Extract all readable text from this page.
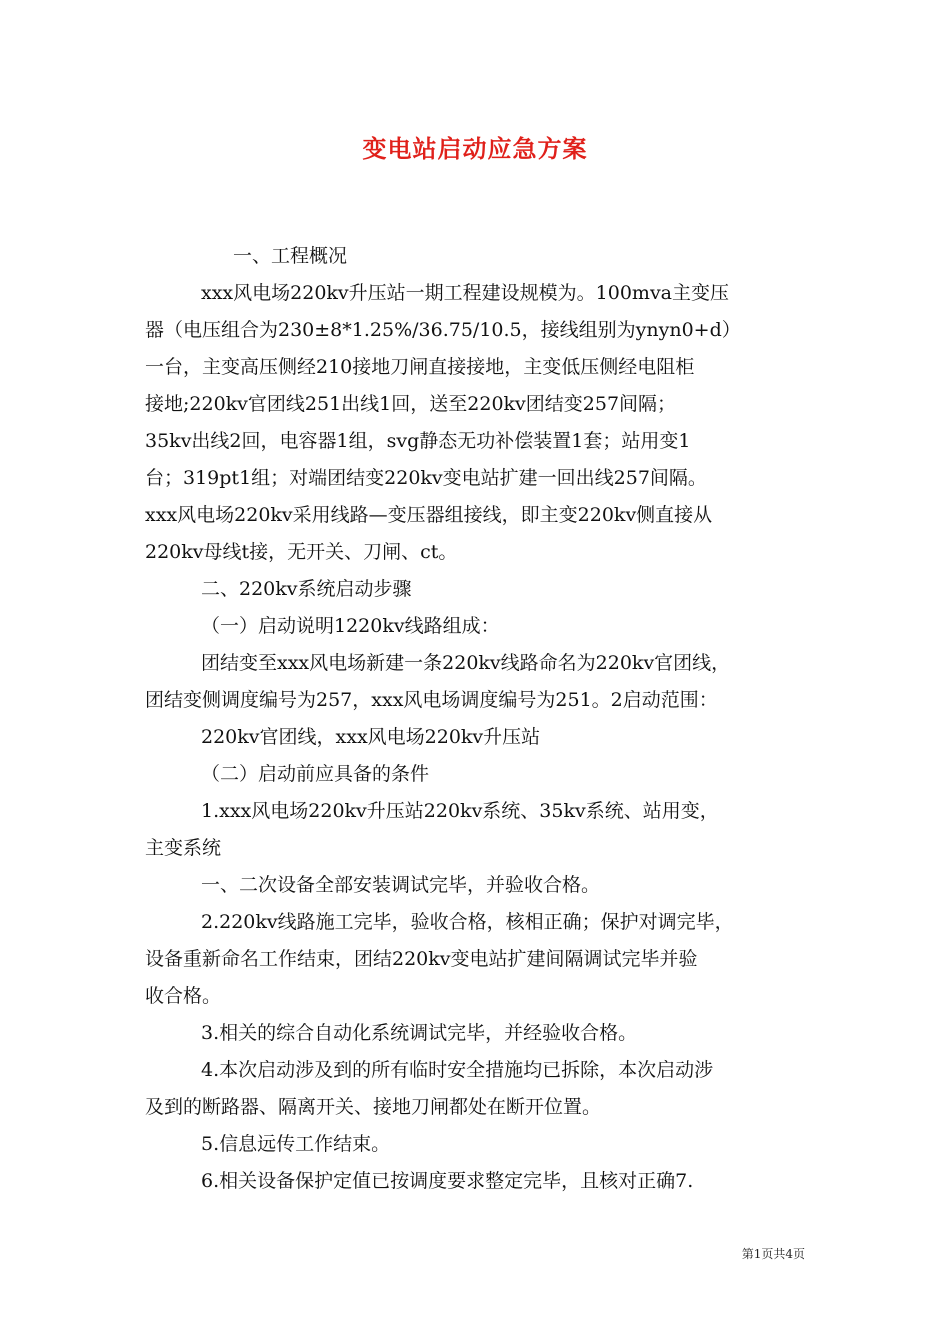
变电站启动应急方案

一、工程概况

xxx风电场220kv升压站一期工程建设规模为。100mva主变压

器（电压组合为230±8*1.25%/36.75/10.5，接线组别为ynyn0+d）

一台，主变高压侧经210接地刀闸直接接地，主变低压侧经电阻柜

接地;220kv官团线251出线1回，送至220kv团结变257间隔；

35kv出线2回，电容器1组，svg静态无功补偿装置1套；站用变1

台；319pt1组；对端团结变220kv变电站扩建一回出线257间隔。

xxx风电场220kv采用线路—变压器组接线，即主变220kv侧直接从

220kv母线t接，无开关、刀闸、ct。

二、220kv系统启动步骤

（一）启动说明1220kv线路组成：

团结变至xxx风电场新建一条220kv线路命名为220kv官团线，

团结变侧调度编号为257，xxx风电场调度编号为251。2启动范围：

220kv官团线，xxx风电场220kv升压站

（二）启动前应具备的条件

1.xxx风电场220kv升压站220kv系统、35kv系统、站用变，

主变系统

一、二次设备全部安装调试完毕，并验收合格。

2.220kv线路施工完毕，验收合格，核相正确；保护对调完毕，

设备重新命名工作结束，团结220kv变电站扩建间隔调试完毕并验

收合格。

3.相关的综合自动化系统调试完毕，并经验收合格。

4.本次启动涉及到的所有临时安全措施均已拆除，本次启动涉

及到的断路器、隔离开关、接地刀闸都处在断开位置。

5.信息远传工作结束。

6.相关设备保护定值已按调度要求整定完毕，且核对正确7.

第1页共4页
